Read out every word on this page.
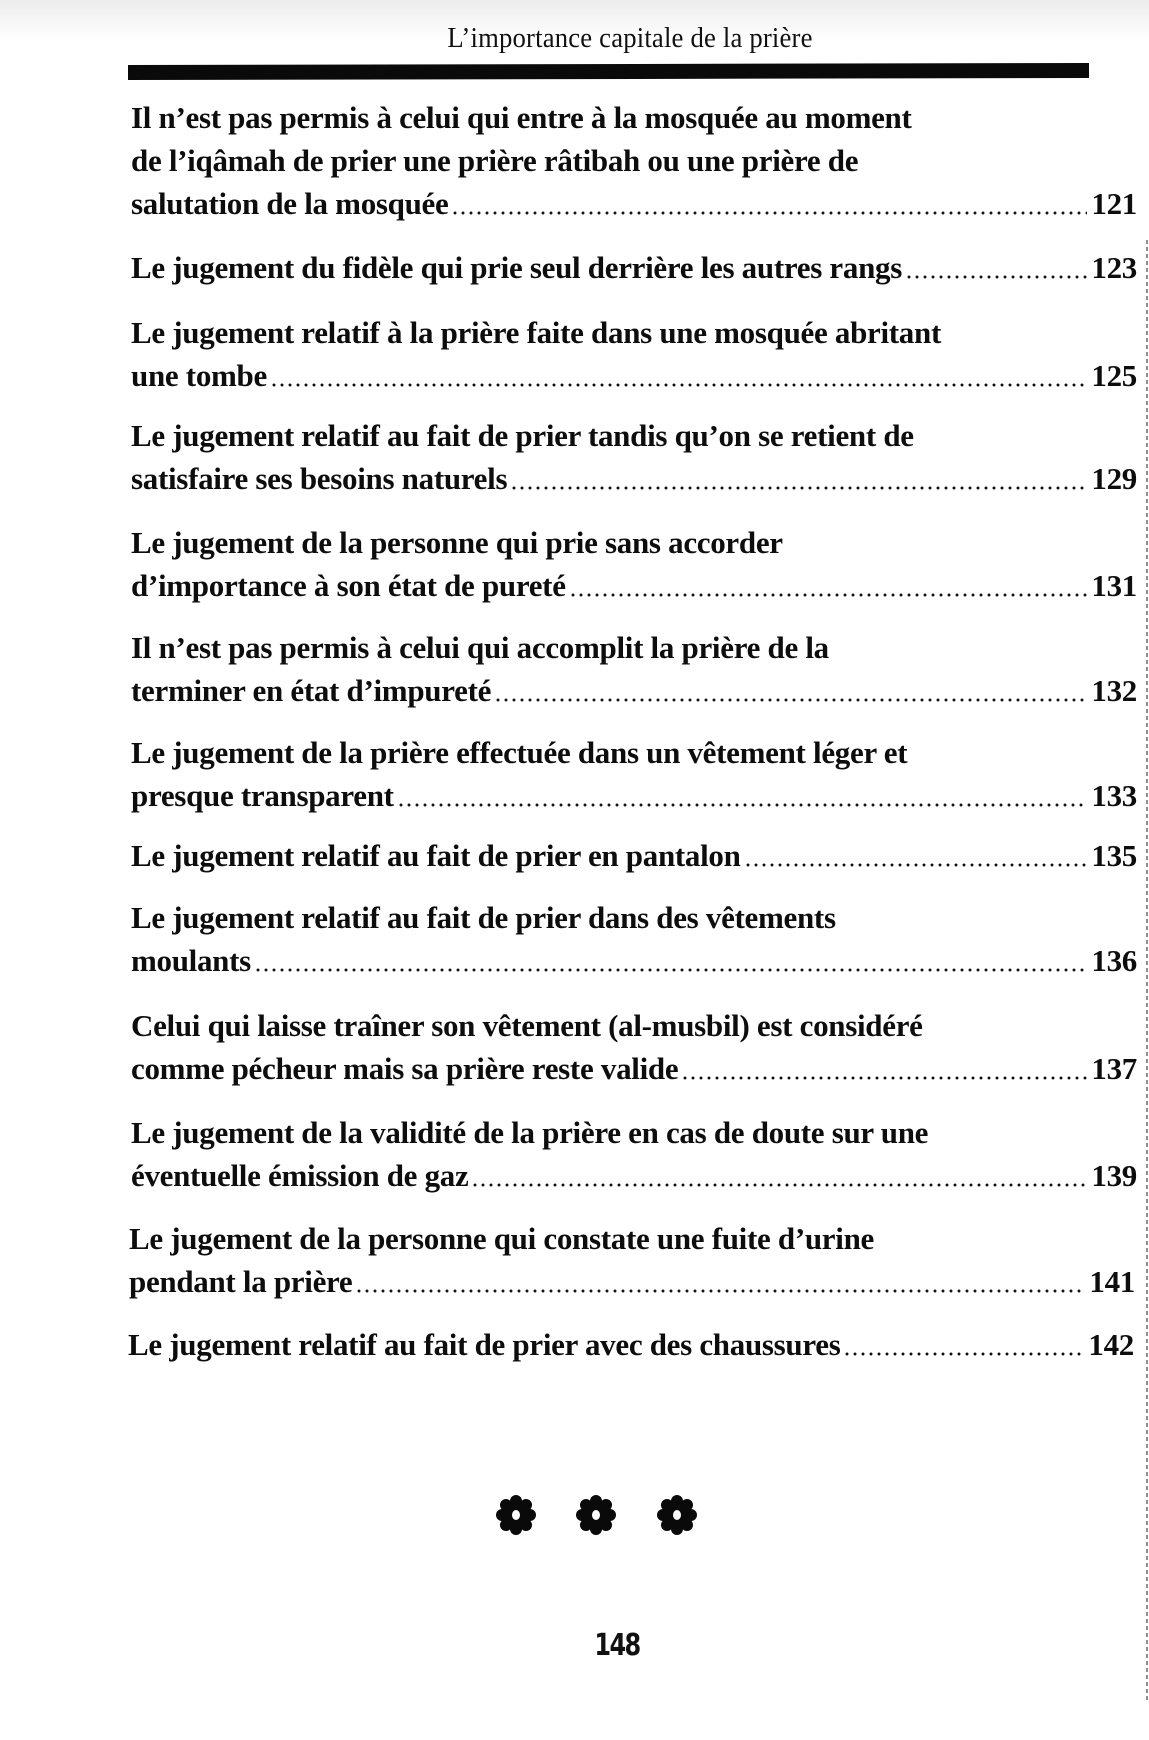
L’importance capitale de la prière
Il n’est pas permis à celui qui entre à la mosquée au moment
de l’iqâmah de prier une prière râtibah ou une prière de
salutation de la mosquée	121
Le jugement du fidèle qui prie seul derrière les autres rangs	123
Le jugement relatif à la prière faite dans une mosquée abritant
une tombe	125
Le jugement relatif au fait de prier tandis qu’on se retient de
satisfaire ses besoins naturels	129
Le jugement de la personne qui prie sans accorder
d’importance à son état de pureté	131
Il n’est pas permis à celui qui accomplit la prière de la
terminer en état d’impureté	132
Le jugement de la prière effectuée dans un vêtement léger et
presque transparent	133
Le jugement relatif au fait de prier en pantalon	135
Le jugement relatif au fait de prier dans des vêtements
moulants	136
Celui qui laisse traîner son vêtement (al-musbil) est considéré
comme pécheur mais sa prière reste valide	137
Le jugement de la validité de la prière en cas de doute sur une
éventuelle émission de gaz	139
Le jugement de la personne qui constate une fuite d’urine
pendant la prière	141
Le jugement relatif au fait de prier avec des chaussures	142
148
